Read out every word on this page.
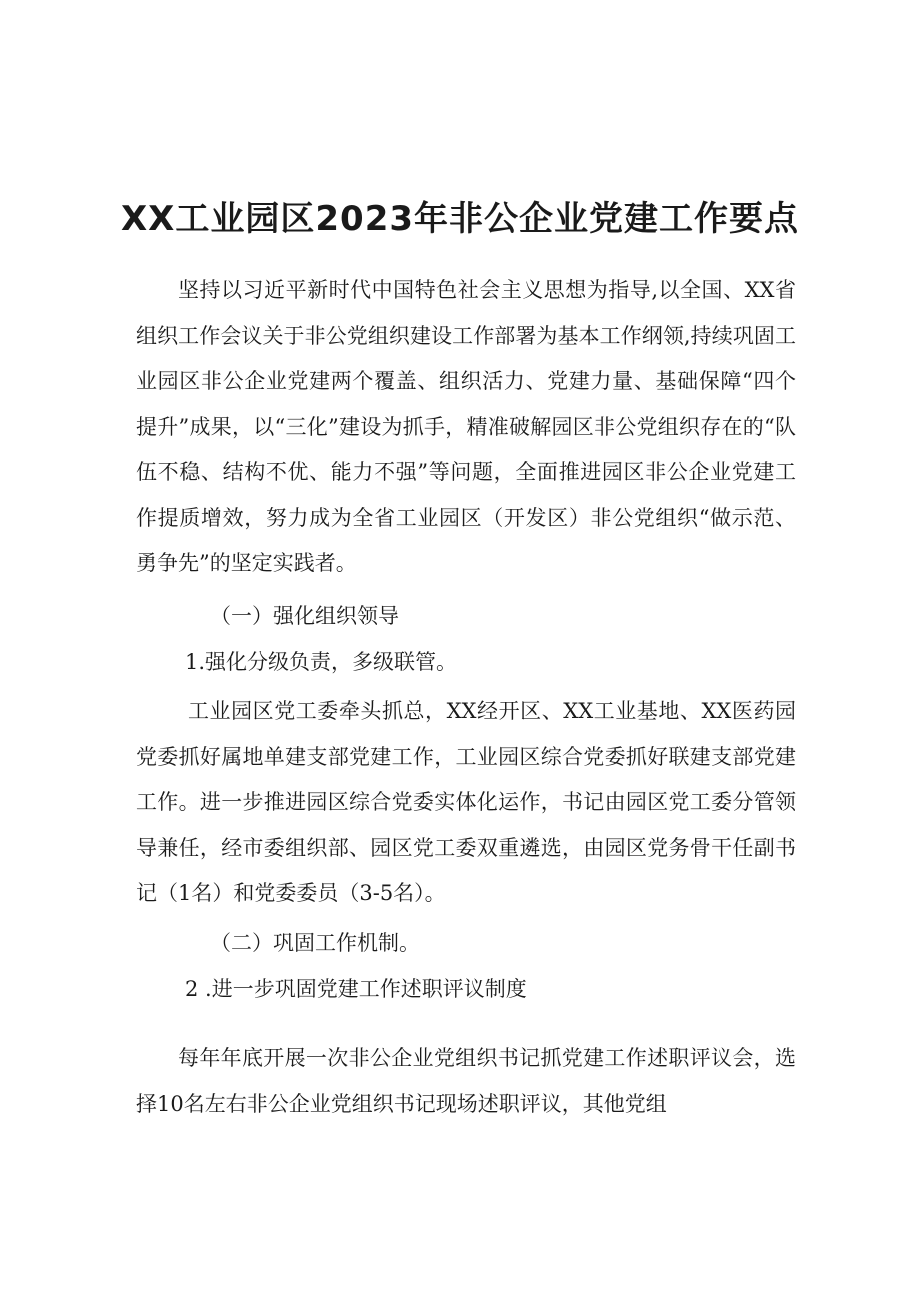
XX工业园区2023年非公企业党建工作要点

坚持以习近平新时代中国特色社会主义思想为指导,以全国、XX省组织工作会议关于非公党组织建设工作部署为基本工作纲领,持续巩固工业园区非公企业党建两个覆盖、组织活力、党建力量、基础保障“四个提升”成果，以“三化”建设为抓手，精准破解园区非公党组织存在的“队伍不稳、结构不优、能力不强”等问题，全面推进园区非公企业党建工作提质增效，努力成为全省工业园区（开发区）非公党组织“做示范、勇争先”的坚定实践者。

（一）强化组织领导

1.强化分级负责，多级联管。

工业园区党工委牵头抓总，XX经开区、XX工业基地、XX医药园党委抓好属地单建支部党建工作，工业园区综合党委抓好联建支部党建工作。进一步推进园区综合党委实体化运作，书记由园区党工委分管领导兼任，经市委组织部、园区党工委双重遴选，由园区党务骨干任副书记（1名）和党委委员（3-5名）。

（二）巩固工作机制。

2 .进一步巩固党建工作述职评议制度

每年年底开展一次非公企业党组织书记抓党建工作述职评议会，选择10名左右非公企业党组织书记现场述职评议，其他党组
